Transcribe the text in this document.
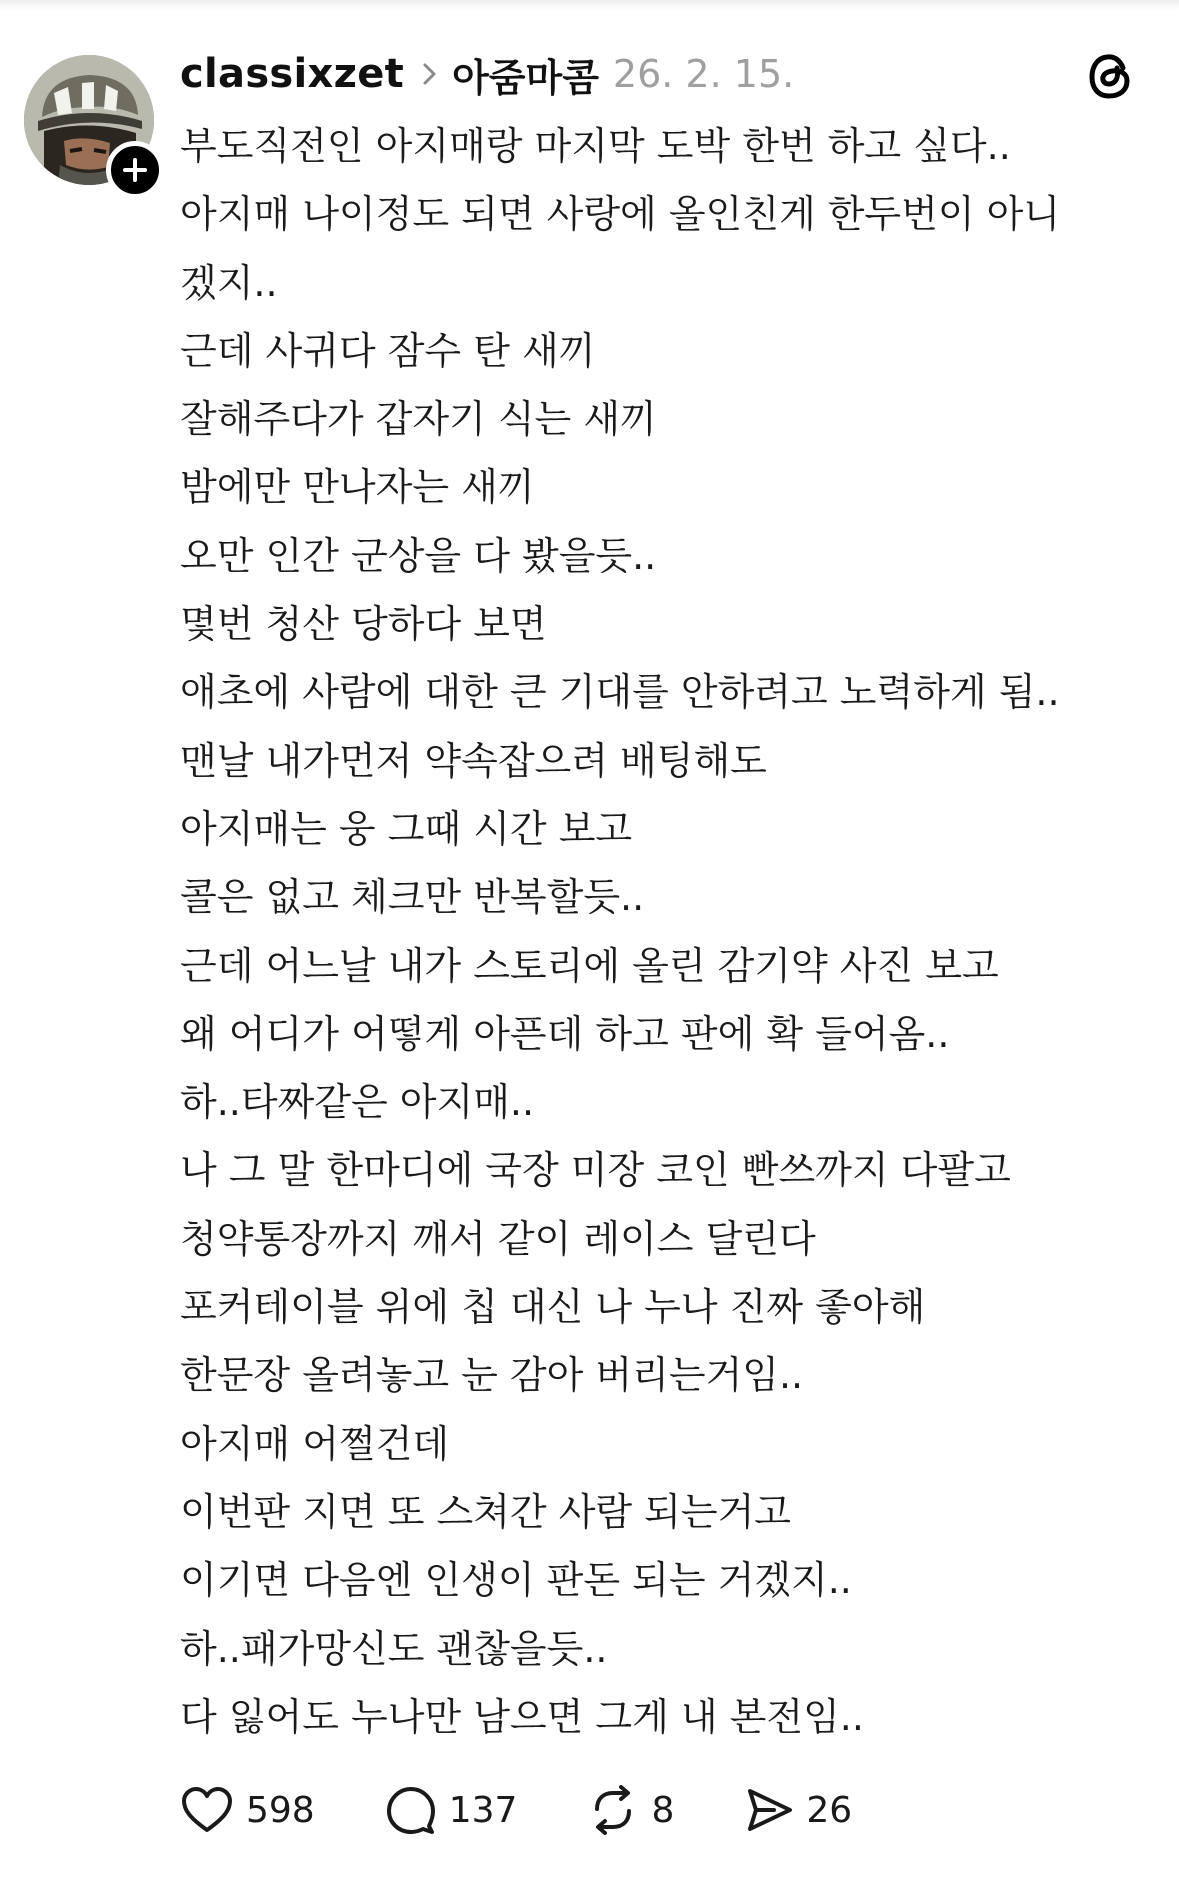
classixzet 아줌마콤 26. 2. 15.
부도직전인 아지매랑 마지막 도박 한번 하고 싶다..
아지매 나이정도 되면 사랑에 올인친게 한두번이 아니
겠지..
근데 사귀다 잠수 탄 새끼
잘해주다가 갑자기 식는 새끼
밤에만 만나자는 새끼
오만 인간 군상을 다 봤을듯..
몇번 청산 당하다 보면
애초에 사람에 대한 큰 기대를 안하려고 노력하게 됨..
맨날 내가먼저 약속잡으려 배팅해도
아지매는 웅 그때 시간 보고
콜은 없고 체크만 반복할듯..
근데 어느날 내가 스토리에 올린 감기약 사진 보고
왜 어디가 어떻게 아픈데 하고 판에 확 들어옴..
하..타짜같은 아지매..
나 그 말 한마디에 국장 미장 코인 빤쓰까지 다팔고
청약통장까지 깨서 같이 레이스 달린다
포커테이블 위에 칩 대신 나 누나 진짜 좋아해
한문장 올려놓고 눈 감아 버리는거임..
아지매 어쩔건데
이번판 지면 또 스쳐간 사람 되는거고
이기면 다음엔 인생이 판돈 되는 거겠지..
하..패가망신도 괜찮을듯..
다 잃어도 누나만 남으면 그게 내 본전임..
598	137	8	26
